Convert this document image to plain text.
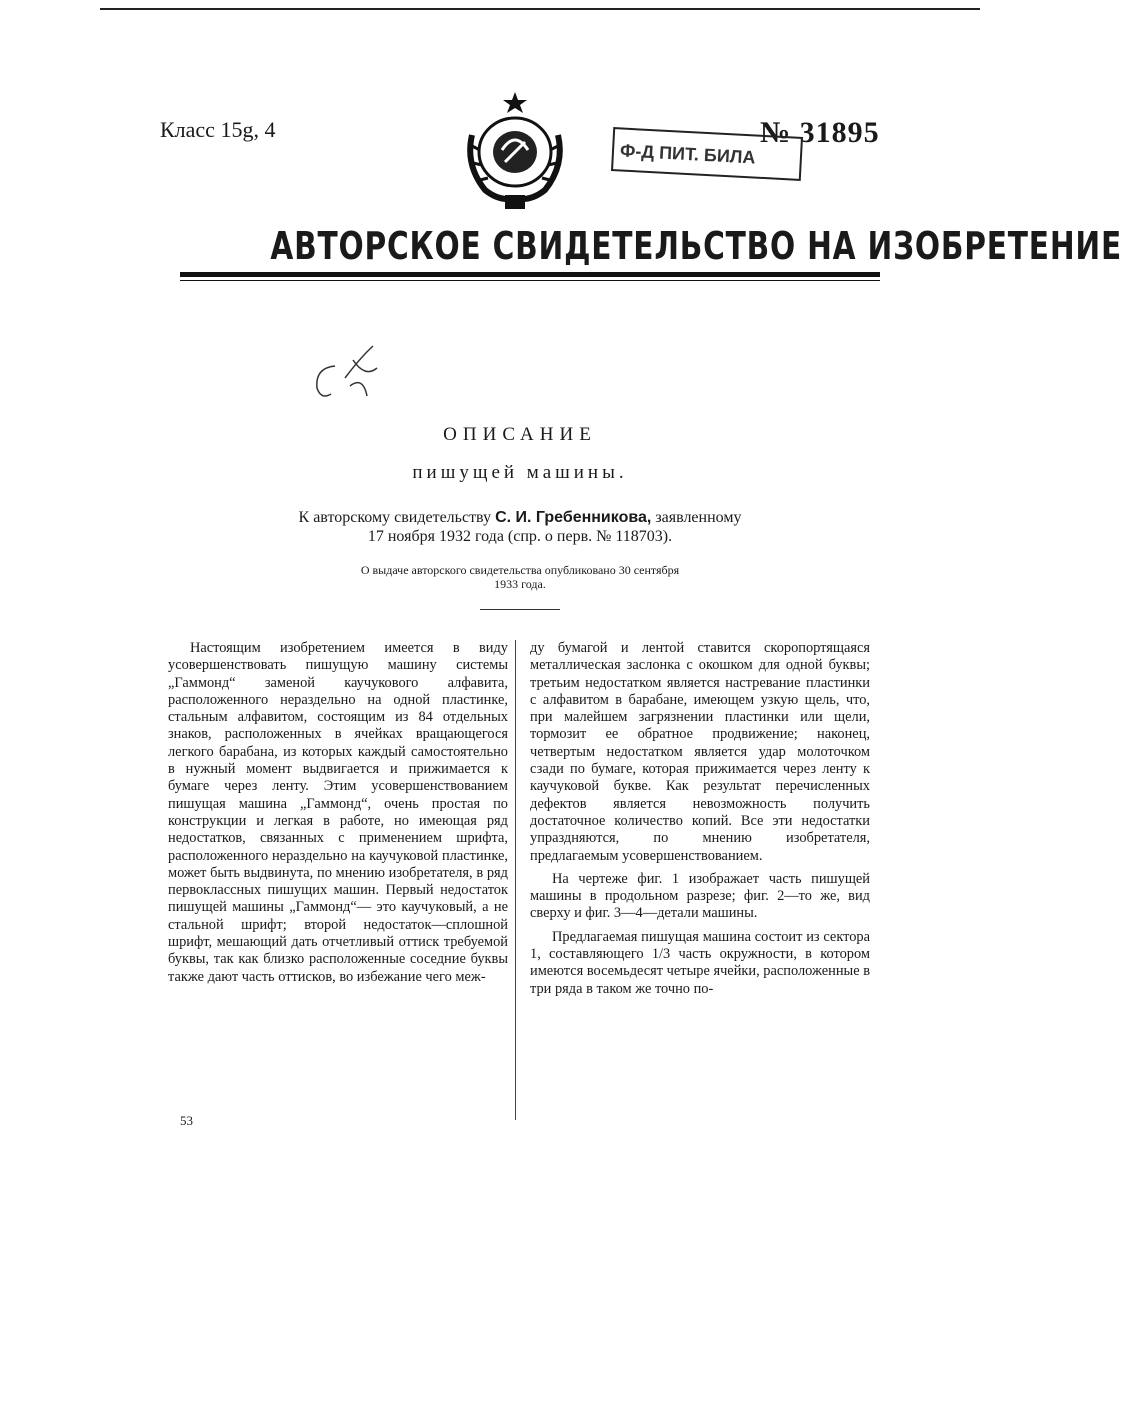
Класс 15g, 4	№ 31895
Ф-Д ПИТ. БИЛА
АВТОРСКОЕ СВИДЕТЕЛЬСТВО НА ИЗОБРЕТЕНИЕ
ОПИСАНИЕ
пишущей машины.
К авторскому свидетельству С. И. Гребенникова, заявленному
17 ноября 1932 года (спр. о перв. № 118703).
О выдаче авторского свидетельства опубликовано 30 сентября
1933 года.

Настоящим изобретением имеется в виду усовершенствовать пишущую машину системы „Гаммонд“ заменой каучукового алфавита, расположенного нераздельно на одной пластинке, стальным алфавитом, состоящим из 84 отдельных знаков, расположенных в ячейках вращающегося легкого барабана, из которых каждый самостоятельно в нужный момент выдвигается и прижимается к бумаге через ленту. Этим усовершенствованием пишущая машина „Гаммонд“, очень простая по конструкции и легкая в работе, но имеющая ряд недостатков, связанных с применением шрифта, расположенного нераздельно на каучуковой пластинке, может быть выдвинута, по мнению изобретателя, в ряд первоклассных пишущих машин. Первый недостаток пишущей машины „Гаммонд“— это каучуковый, а не стальной шрифт; второй недостаток—сплошной шрифт, мешающий дать отчетливый оттиск требуемой буквы, так как близко расположенные соседние буквы также дают часть оттисков, во избежание чего меж-

ду бумагой и лентой ставится скоропортящаяся металлическая заслонка с окошком для одной буквы; третьим недостатком является настревание пластинки с алфавитом в барабане, имеющем узкую щель, что, при малейшем загрязнении пластинки или щели, тормозит ее обратное продвижение; наконец, четвертым недостатком является удар молоточком сзади по бумаге, которая прижимается через ленту к каучуковой букве. Как результат перечисленных дефектов является невозможность получить достаточное количество копий. Все эти недостатки упраздняются, по мнению изобретателя, предлагаемым усовершенствованием.

На чертеже фиг. 1 изображает часть пишущей машины в продольном разрезе; фиг. 2—то же, вид сверху и фиг. 3—4—детали машины.

Предлагаемая пишущая машина состоит из сектора 1, составляющего 1/3 часть окружности, в котором имеются восемьдесят четыре ячейки, расположенные в три ряда в таком же точно по-

53
